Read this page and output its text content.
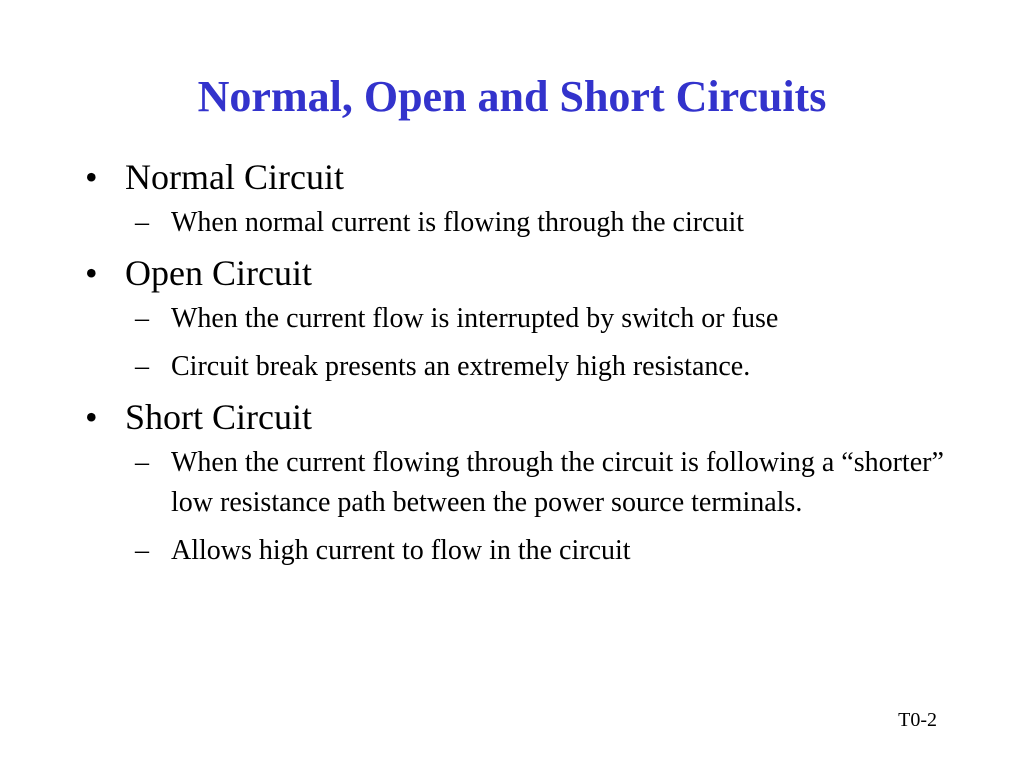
Normal, Open and Short Circuits
• Normal Circuit
– When normal current is flowing through the circuit
• Open Circuit
– When the current flow is interrupted by switch or fuse
– Circuit break presents an extremely high resistance.
• Short Circuit
– When the current flowing through the circuit is following a “shorter” low resistance path between the power source terminals.
– Allows high current to flow in the circuit
T0-2
